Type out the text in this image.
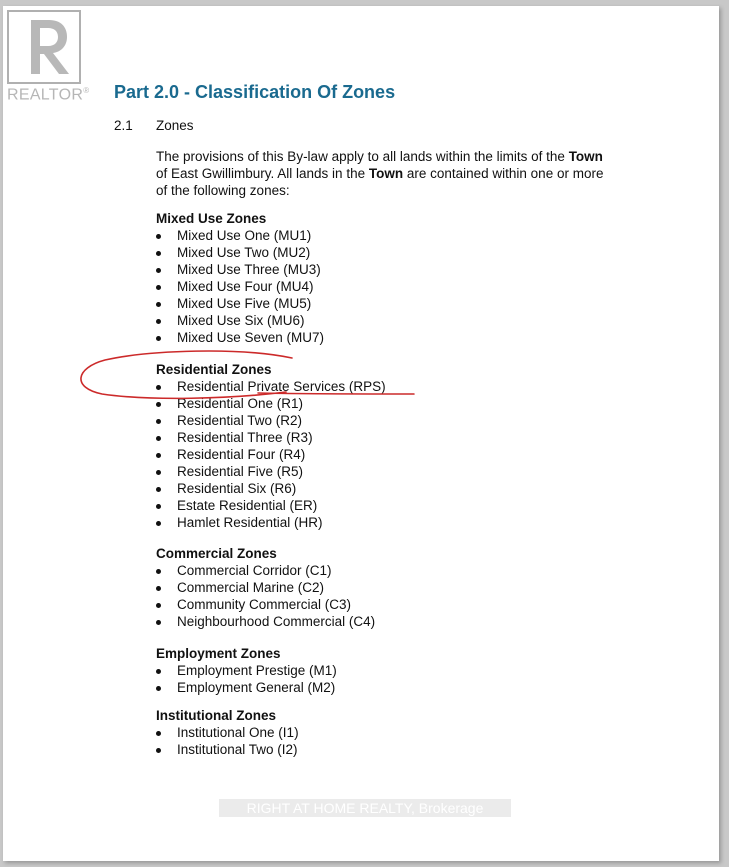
REALTOR® Part 2.0 - Classification Of Zones
2.1 Zones
The provisions of this By-law apply to all lands within the limits of the Town
of East Gwillimbury. All lands in the Town are contained within one or more
of the following zones:
Mixed Use Zones
Mixed Use One (MU1)
Mixed Use Two (MU2)
Mixed Use Three (MU3)
Mixed Use Four (MU4)
Mixed Use Five (MU5)
Mixed Use Six (MU6)
Mixed Use Seven (MU7)
Residential Zones
Residential Private Services (RPS)
Residential One (R1)
Residential Two (R2)
Residential Three (R3)
Residential Four (R4)
Residential Five (R5)
Residential Six (R6)
Estate Residential (ER)
Hamlet Residential (HR)
Commercial Zones
Commercial Corridor (C1)
Commercial Marine (C2)
Community Commercial (C3)
Neighbourhood Commercial (C4)
Employment Zones
Employment Prestige (M1)
Employment General (M2)
Institutional Zones
Institutional One (I1)
Institutional Two (I2)
RIGHT AT HOME REALTY, Brokerage
